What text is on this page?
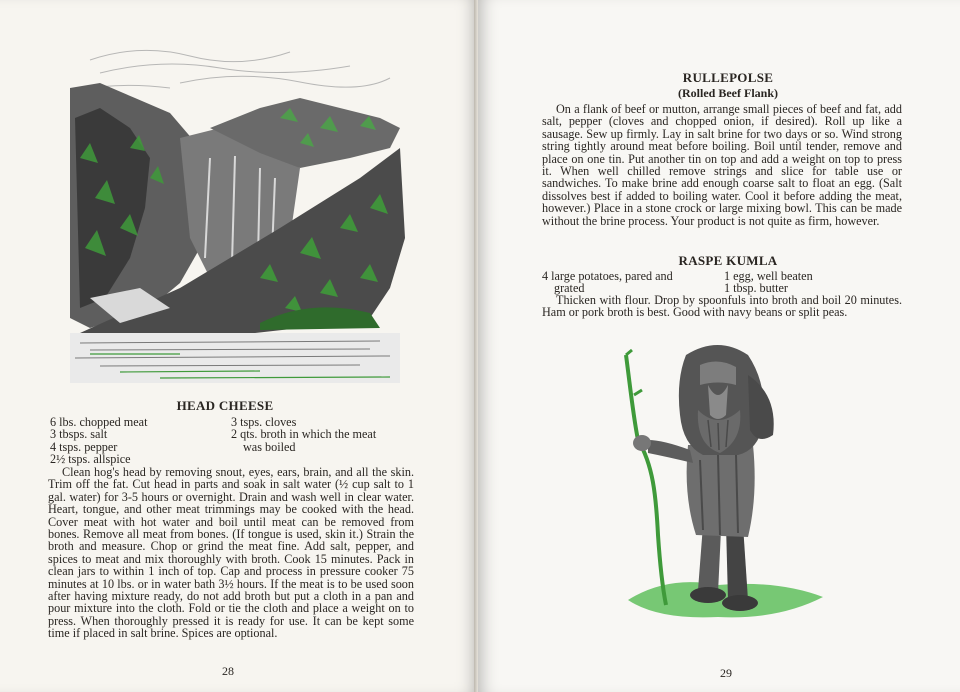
HEAD CHEESE
6 lbs. chopped meat
3 tbsps. salt
4 tsps. pepper
2½ tsps. allspice
3 tsps. cloves
2 qts. broth in which the meat
was boiled
Clean hog's head by removing snout, eyes, ears, brain, and all the skin. Trim off the fat. Cut head in parts and soak in salt water (½ cup salt to 1 gal. water) for 3-5 hours or overnight. Drain and wash well in clear water. Heart, tongue, and other meat trimmings may be cooked with the head. Cover meat with hot water and boil until meat can be removed from bones. Remove all meat from bones. (If tongue is used, skin it.) Strain the broth and measure. Chop or grind the meat fine. Add salt, pepper, and spices to meat and mix thoroughly with broth. Cook 15 minutes. Pack in clean jars to within 1 inch of top. Cap and process in pressure cooker 75 minutes at 10 lbs. or in water bath 3½ hours. If the meat is to be used soon after having mixture ready, do not add broth but put a cloth in a pan and pour mixture into the cloth. Fold or tie the cloth and place a weight on to press. When thoroughly pressed it is ready for use. It can be kept some time if placed in salt brine. Spices are optional.
28
RULLEPOLSE
(Rolled Beef Flank)
On a flank of beef or mutton, arrange small pieces of beef and fat, add salt, pepper (cloves and chopped onion, if desired). Roll up like a sausage. Sew up firmly. Lay in salt brine for two days or so. Wind strong string tightly around meat before boiling. Boil until tender, remove and place on one tin. Put another tin on top and add a weight on top to press it. When well chilled remove strings and slice for table use or sandwiches. To make brine add enough coarse salt to float an egg. (Salt dissolves best if added to boiling water. Cool it before adding the meat, however.) Place in a stone crock or large mixing bowl. This can be made without the brine process. Your product is not quite as firm, however.
RASPE KUMLA
4 large potatoes, pared and
grated
1 egg, well beaten
1 tbsp. butter
Thicken with flour. Drop by spoonfuls into broth and boil 20 minutes. Ham or pork broth is best. Good with navy beans or split peas.
29
